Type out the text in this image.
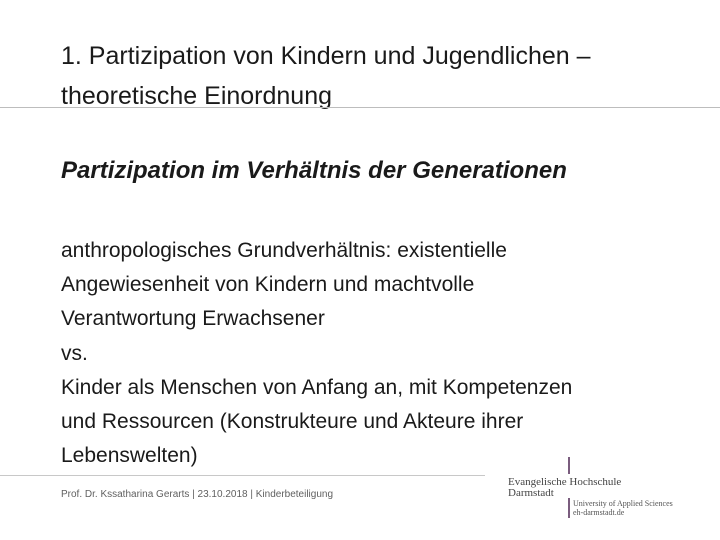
1. Partizipation von Kindern und Jugendlichen –
theoretische Einordnung
Partizipation im Verhältnis der Generationen
anthropologisches Grundverhältnis: existentielle
Angewiesenheit von Kindern und machtvolle
Verantwortung Erwachsener
vs.
Kinder als Menschen von Anfang an, mit Kompetenzen
und Ressourcen (Konstrukteure und Akteure ihrer
Lebenswelten)
Prof. Dr. Kssatharina Gerarts | 23.10.2018 | Kinderbeteiligung
Evangelische Hochschule
Darmstadt
University of Applied Sciences
eh-darmstadt.de
